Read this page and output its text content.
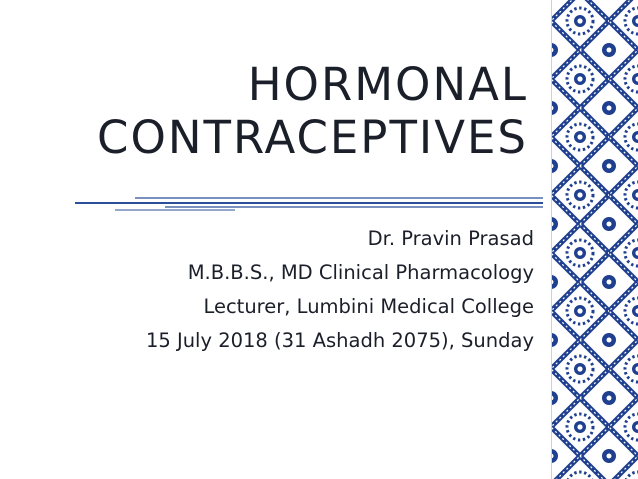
HORMONAL
CONTRACEPTIVES
Dr. Pravin Prasad
M.B.B.S., MD Clinical Pharmacology
Lecturer, Lumbini Medical College
15 July 2018 (31 Ashadh 2075), Sunday
